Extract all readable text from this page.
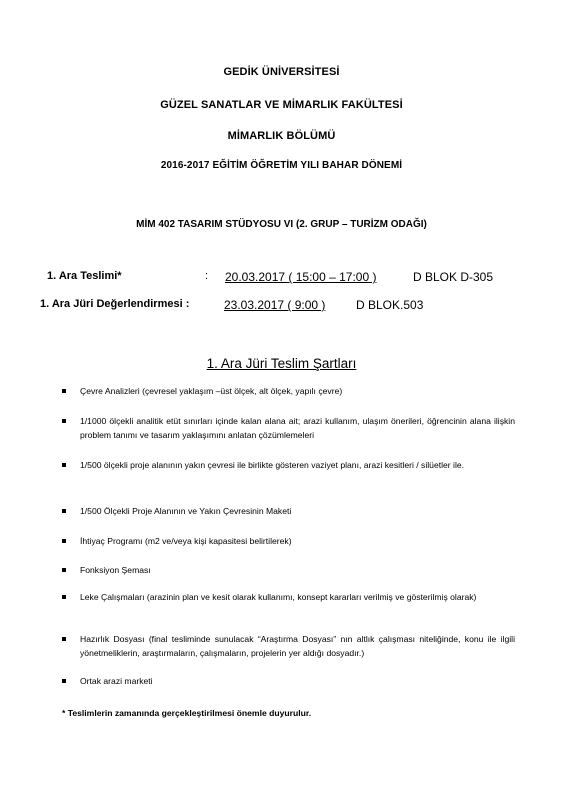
GEDİK ÜNİVERSİTESİ
GÜZEL SANATLAR VE MİMARLIK FAKÜLTESİ
MİMARLIK BÖLÜMÜ
2016-2017 EĞİTİM ÖĞRETİM YILI BAHAR DÖNEMİ
MİM 402 TASARIM STÜDYOSU VI (2. GRUP – TURİZM ODAĞI)
1. Ara Teslimi*	: 20.03.2017 ( 15:00 – 17:00 )	D BLOK D-305
1. Ara Jüri Değerlendirmesi :	23.03.2017 ( 9:00 )	D BLOK.503
1. Ara Jüri Teslim Şartları
Çevre Analizleri (çevresel yaklaşım –üst ölçek, alt ölçek, yapılı çevre)
1/1000 ölçekli analitik etüt sınırları içinde kalan alana ait; arazi kullanım, ulaşım önerileri, öğrencinin alana ilişkin problem tanımı ve tasarım yaklaşımını anlatan çözümlemeleri
1/500 ölçekli proje alanının yakın çevresi ile birlikte gösteren vaziyet planı, arazi kesitleri / silüetler ile.
1/500 Ölçekli Proje Alanının ve Yakın Çevresinin Maketi
İhtiyaç Programı (m2 ve/veya kişi kapasitesi belirtilerek)
Fonksiyon Şeması
Leke Çalışmaları (arazinin plan ve kesit olarak kullanımı, konsept kararları verilmiş ve gösterilmiş olarak)
Hazırlık Dosyası (final tesliminde sunulacak “Araştırma Dosyası” nın altlık çalışması niteliğinde, konu ile ilgili yönetmeliklerin, araştırmaların, çalışmaların, projelerin yer aldığı dosyadır.)
Ortak arazi marketi
* Teslimlerin zamanında gerçekleştirilmesi önemle duyurulur.
